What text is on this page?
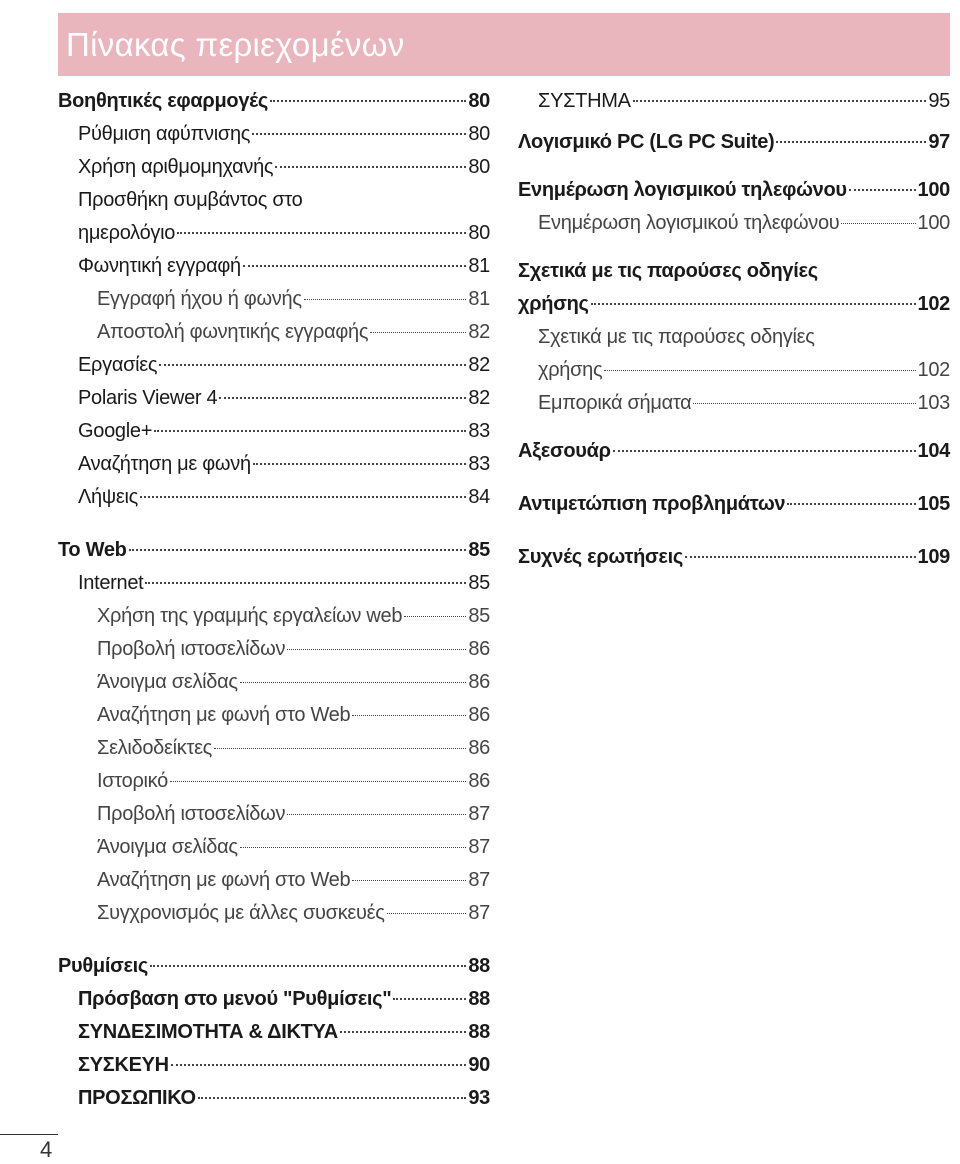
Πίνακας περιεχομένων
Βοηθητικές εφαρμογές	80
Ρύθμιση αφύπνισης	80
Χρήση αριθμομηχανής	80
Προσθήκη συμβάντος στο
ημερολόγιο	80
Φωνητική εγγραφή	81
Εγγραφή ήχου ή φωνής	81
Αποστολή φωνητικής εγγραφής	82
Εργασίες	82
Polaris Viewer 4	82
Google+	83
Αναζήτηση με φωνή	83
Λήψεις	84
Το Web	85
Internet	85
Χρήση της γραμμής εργαλείων web	85
Προβολή ιστοσελίδων	86
Άνοιγμα σελίδας	86
Αναζήτηση με φωνή στο Web	86
Σελιδοδείκτες	86
Ιστορικό	86
Προβολή ιστοσελίδων	87
Άνοιγμα σελίδας	87
Αναζήτηση με φωνή στο Web	87
Συγχρονισμός με άλλες συσκευές	87
Ρυθμίσεις	88
Πρόσβαση στο μενού "Ρυθμίσεις"	88
ΣΥΝΔΕΣΙΜΟΤΗΤΑ & ΔΙΚΤΥΑ	88
ΣΥΣΚΕΥΗ	90
ΠΡΟΣΩΠΙΚΟ	93
ΣΥΣΤΗΜΑ	95
Λογισμικό PC (LG PC Suite)	97
Ενημέρωση λογισμικού τηλεφώνου	100
Ενημέρωση λογισμικού τηλεφώνου	100
Σχετικά με τις παρούσες οδηγίες
χρήσης	102
Σχετικά με τις παρούσες οδηγίες
χρήσης	102
Εμπορικά σήματα	103
Αξεσουάρ	104
Αντιμετώπιση προβλημάτων	105
Συχνές ερωτήσεις	109
4
